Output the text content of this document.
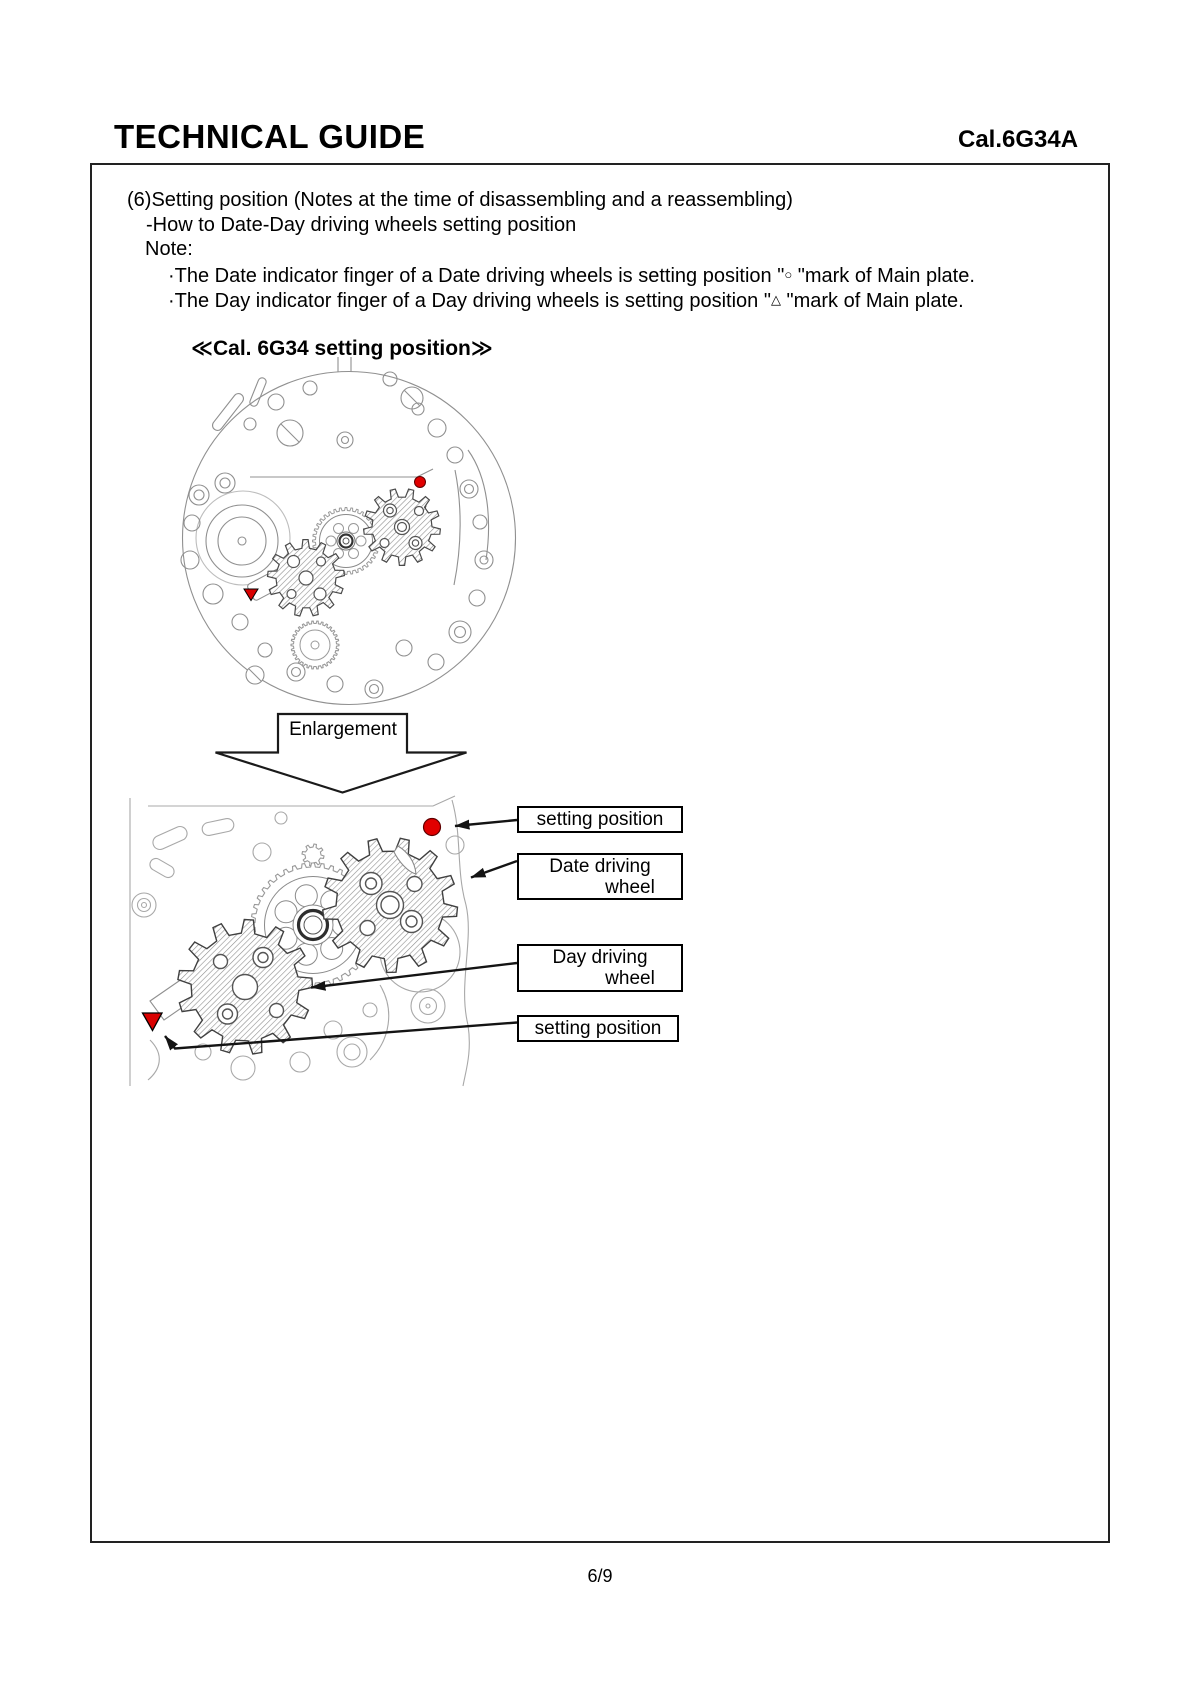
TECHNICAL GUIDE	Cal.6G34A
(6)Setting position (Notes at the time of disassembling and a reassembling)
-How to Date-Day driving wheels setting position
Note:
·The Date indicator finger of a Date driving wheels is setting position "○ "mark of Main plate.
·The Day indicator finger of a Day driving wheels is setting position "△ "mark of Main plate.
≪Cal. 6G34 setting position≫
Enlargement
setting position
Date driving
wheel
Day driving
wheel
setting position
6/9
